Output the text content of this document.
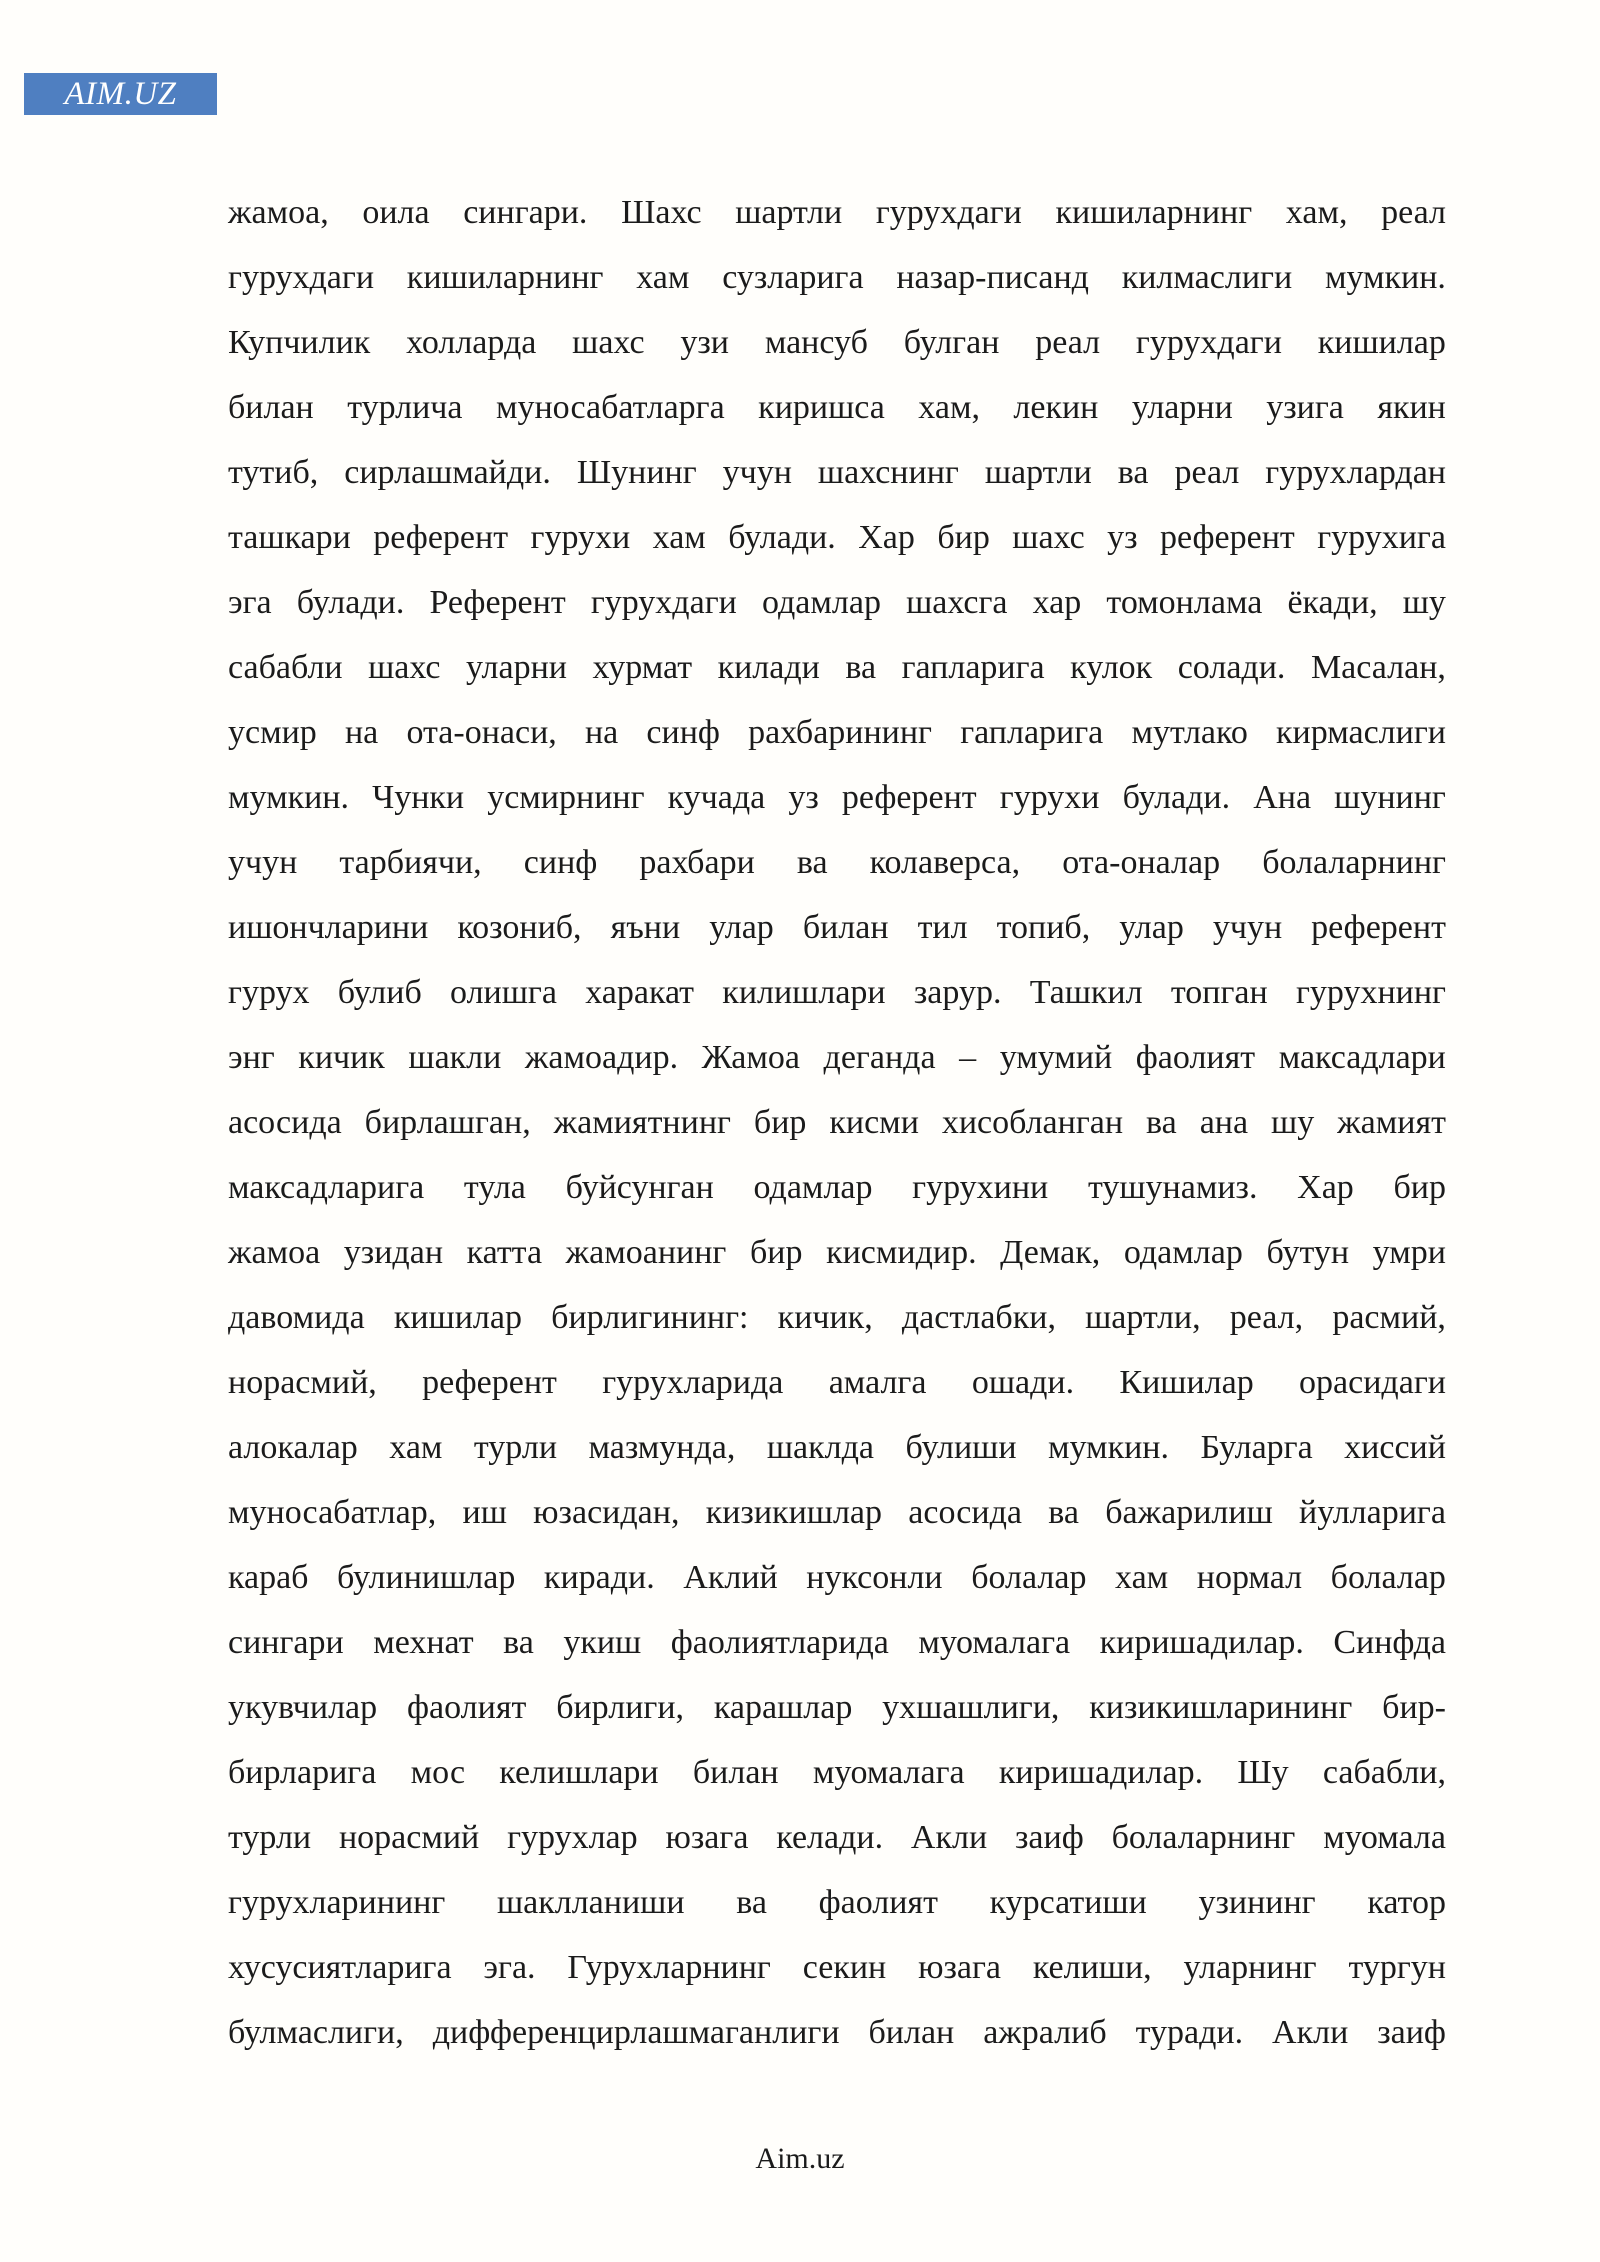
AIM.UZ
жамоа, оила сингари. Шахс шартли гурухдаги кишиларнинг хам, реал
гурухдаги кишиларнинг хам сузларига назар-писанд килмаслиги мумкин.
Купчилик холларда шахс узи мансуб булган реал гурухдаги кишилар
билан турлича муносабатларга киришса хам, лекин уларни узига якин
тутиб, сирлашмайди. Шунинг учун шахснинг шартли ва реал гурухлардан
ташкари референт гурухи хам булади. Хар бир шахс уз референт гурухига
эга булади. Референт гурухдаги одамлар шахсга хар томонлама ёкади, шу
сабабли шахс уларни хурмат килади ва гапларига кулок солади. Масалан,
усмир на ота-онаси, на синф рахбарининг гапларига мутлако кирмаслиги
мумкин. Чунки усмирнинг кучада уз референт гурухи булади. Ана шунинг
учун тарбиячи, синф рахбари ва колаверса, ота-оналар болаларнинг
ишончларини козониб, яъни улар билан тил топиб, улар учун референт
гурух булиб олишга харакат килишлари зарур. Ташкил топган гурухнинг
энг кичик шакли жамоадир. Жамоа деганда – умумий фаолият максадлари
асосида бирлашган, жамиятнинг бир кисми хисобланган ва ана шу жамият
максадларига тула буйсунган одамлар гурухини тушунамиз. Хар бир
жамоа узидан катта жамоанинг бир кисмидир. Демак, одамлар бутун умри
давомида кишилар бирлигининг: кичик, дастлабки, шартли, реал, расмий,
норасмий, референт гурухларида амалга ошади. Кишилар орасидаги
алокалар хам турли мазмунда, шаклда булиши мумкин. Буларга хиссий
муносабатлар, иш юзасидан, кизикишлар асосида ва бажарилиш йулларига
караб булинишлар киради. Аклий нуксонли болалар хам нормал болалар
сингари мехнат ва укиш фаолиятларида муомалага киришадилар. Синфда
укувчилар фаолият бирлиги, карашлар ухшашлиги, кизикишларининг бир-
бирларига мос келишлари билан муомалага киришадилар. Шу сабабли,
турли норасмий гурухлар юзага келади. Акли заиф болаларнинг муомала
гурухларининг шаклланиши ва фаолият курсатиши узининг катор
хусусиятларига эга. Гурухларнинг секин юзага келиши, уларнинг тургун
булмаслиги, дифференцирлашмаганлиги билан ажралиб туради. Акли заиф
Aim.uz
